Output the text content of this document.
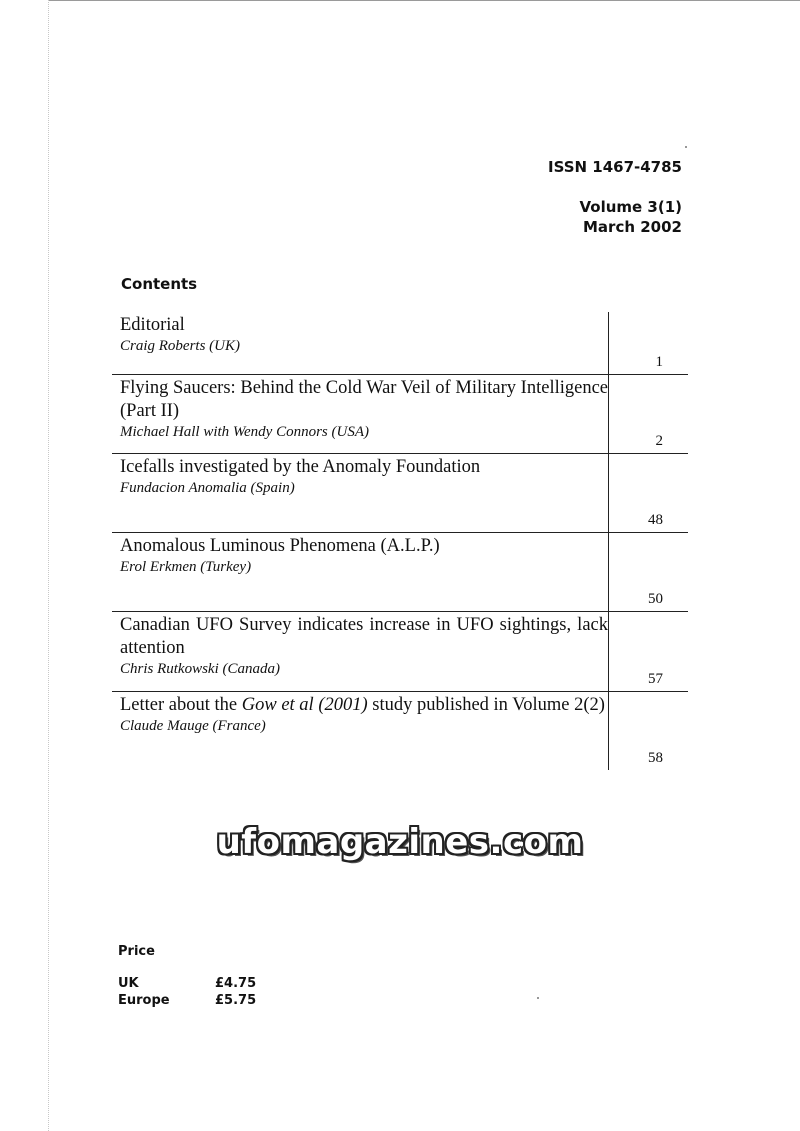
ISSN 1467-4785
Volume 3(1)
March 2002
Contents
Editorial
Craig Roberts (UK)
1
Flying Saucers: Behind the Cold War Veil of Military Intelligence (Part II)
Michael Hall with Wendy Connors (USA)
2
Icefalls investigated by the Anomaly Foundation
Fundacion Anomalia (Spain)
48
Anomalous Luminous Phenomena (A.L.P.)
Erol Erkmen (Turkey)
50
Canadian UFO Survey indicates increase in UFO sightings, lack attention
Chris Rutkowski (Canada)
57
Letter about the Gow et al (2001) study published in Volume 2(2)
Claude Mauge (France)
58
ufomagazines.com
Price
UK	£4.75
Europe	£5.75
